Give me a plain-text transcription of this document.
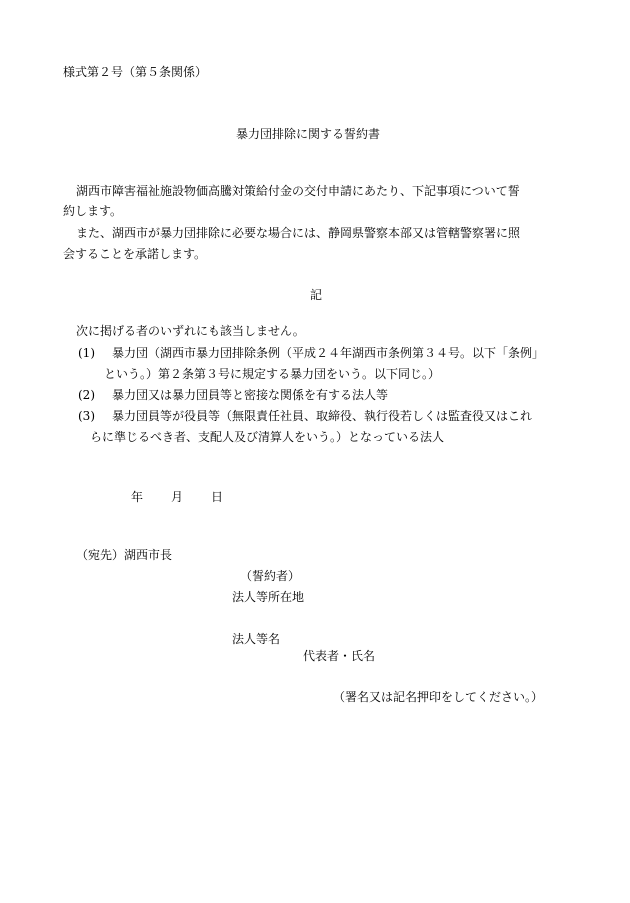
様式第２号（第５条関係）
暴力団排除に関する誓約書
湖西市障害福祉施設物価高騰対策給付金の交付申請にあたり、下記事項について誓
約します。
また、湖西市が暴力団排除に必要な場合には、静岡県警察本部又は管轄警察署に照
会することを承諾します。
記
次に掲げる者のいずれにも該当しません。
(1) 暴力団（湖西市暴力団排除条例（平成２４年湖西市条例第３４号。以下「条例」
という。）第２条第３号に規定する暴力団をいう。以下同じ。）
(2) 暴力団又は暴力団員等と密接な関係を有する法人等
(3) 暴力団員等が役員等（無限責任社員、取締役、執行役若しくは監査役又はこれ
らに準じるべき者、支配人及び清算人をいう。）となっている法人
年 月 日
（宛先）湖西市長
（誓約者）
法人等所在地
法人等名
代表者・氏名
（署名又は記名押印をしてください。）
